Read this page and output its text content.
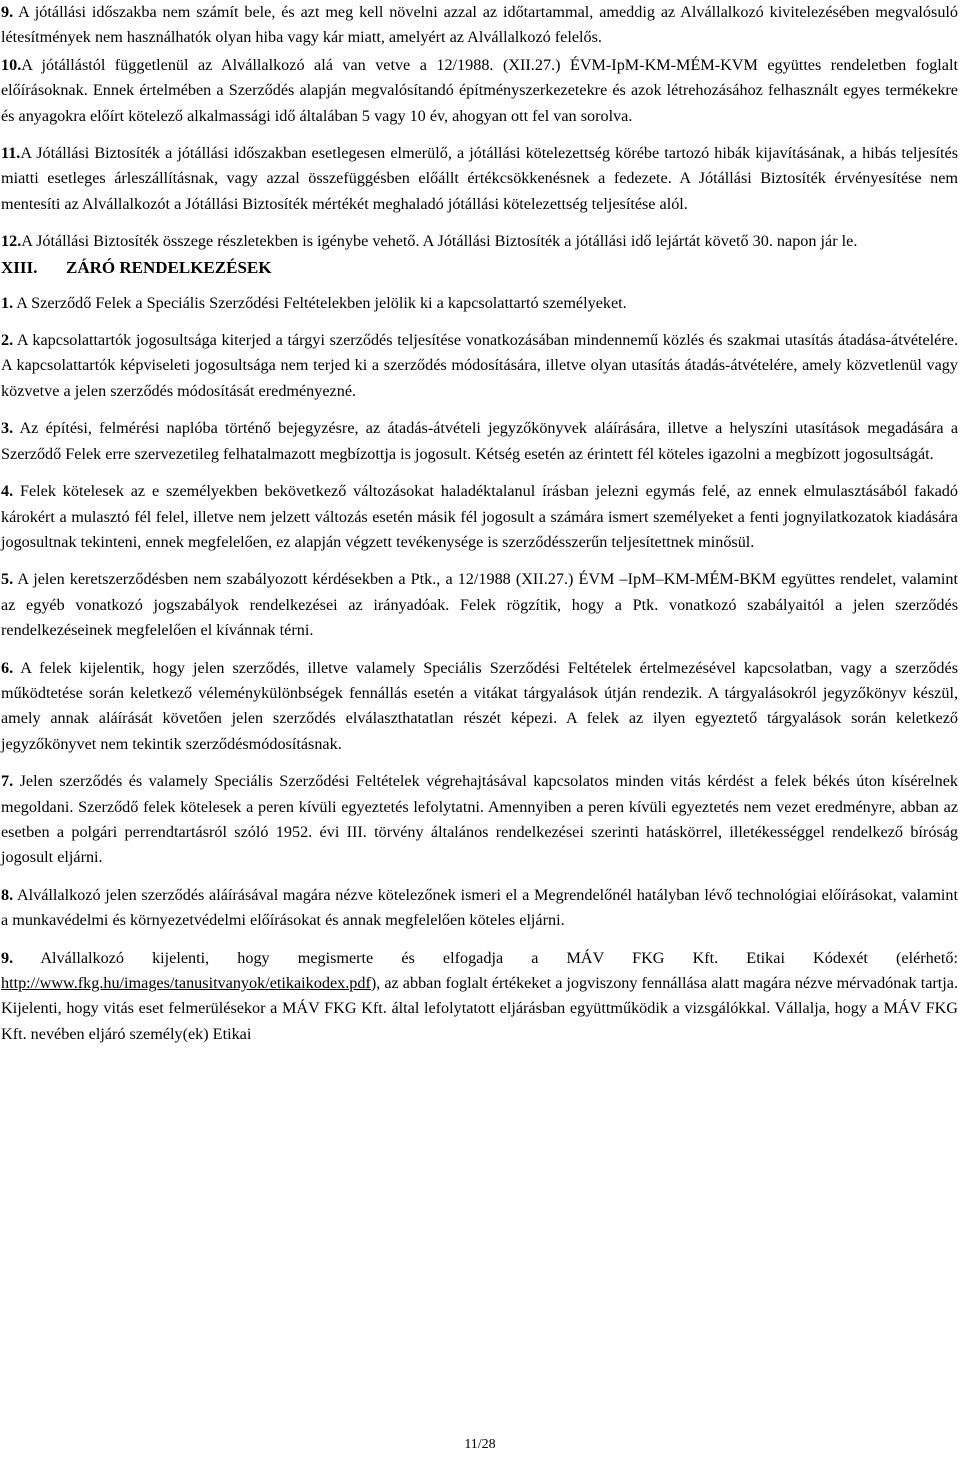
9. A jótállási időszakba nem számít bele, és azt meg kell növelni azzal az időtartammal, ameddig az Alvállalkozó kivitelezésében megvalósuló létesítmények nem használhatók olyan hiba vagy kár miatt, amelyért az Alvállalkozó felelős.

10.A jótállástól függetlenül az Alvállalkozó alá van vetve a 12/1988. (XII.27.) ÉVM-IpM-KM-MÉM-KVM együttes rendeletben foglalt előírásoknak. Ennek értelmében a Szerződés alapján megvalósítandó építményszerkezetekre és azok létrehozásához felhasznált egyes termékekre és anyagokra előírt kötelező alkalmassági idő általában 5 vagy 10 év, ahogyan ott fel van sorolva.

11.A Jótállási Biztosíték a jótállási időszakban esetlegesen elmerülő, a jótállási kötelezettség körébe tartozó hibák kijavításának, a hibás teljesítés miatti esetleges árleszállításnak, vagy azzal összefüggésben előállt értékcsökkenésnek a fedezete. A Jótállási Biztosíték érvényesítése nem mentesíti az Alvállalkozót a Jótállási Biztosíték mértékét meghaladó jótállási kötelezettség teljesítése alól.

12.A Jótállási Biztosíték összege részletekben is igénybe vehető. A Jótállási Biztosíték a jótállási idő lejártát követő 30. napon jár le.

XIII. ZÁRÓ RENDELKEZÉSEK

1. A Szerződő Felek a Speciális Szerződési Feltételekben jelölik ki a kapcsolattartó személyeket.

2. A kapcsolattartók jogosultsága kiterjed a tárgyi szerződés teljesítése vonatkozásában mindennemű közlés és szakmai utasítás átadása-átvételére. A kapcsolattartók képviseleti jogosultsága nem terjed ki a szerződés módosítására, illetve olyan utasítás átadás-átvételére, amely közvetlenül vagy közvetve a jelen szerződés módosítását eredményezné.

3. Az építési, felmérési naplóba történő bejegyzésre, az átadás-átvételi jegyzőkönyvek aláírására, illetve a helyszíni utasítások megadására a Szerződő Felek erre szervezetileg felhatalmazott megbízottja is jogosult. Kétség esetén az érintett fél köteles igazolni a megbízott jogosultságát.

4. Felek kötelesek az e személyekben bekövetkező változásokat haladéktalanul írásban jelezni egymás felé, az ennek elmulasztásából fakadó károkért a mulasztó fél felel, illetve nem jelzett változás esetén másik fél jogosult a számára ismert személyeket a fenti jognyilatkozatok kiadására jogosultnak tekinteni, ennek megfelelően, ez alapján végzett tevékenysége is szerződésszerűn teljesítettnek minősül.

5. A jelen keretszerződésben nem szabályozott kérdésekben a Ptk., a 12/1988 (XII.27.) ÉVM –IpM–KM-MÉM-BKM együttes rendelet, valamint az egyéb vonatkozó jogszabályok rendelkezései az irányadóak. Felek rögzítik, hogy a Ptk. vonatkozó szabályaitól a jelen szerződés rendelkezéseinek megfelelően el kívánnak térni.

6. A felek kijelentik, hogy jelen szerződés, illetve valamely Speciális Szerződési Feltételek értelmezésével kapcsolatban, vagy a szerződés működtetése során keletkező véleménykülönbségek fennállás esetén a vitákat tárgyalások útján rendezik. A tárgyalásokról jegyzőkönyv készül, amely annak aláírását követően jelen szerződés elválaszthatatlan részét képezi. A felek az ilyen egyeztető tárgyalások során keletkező jegyzőkönyvet nem tekintik szerződésmódosításnak.

7. Jelen szerződés és valamely Speciális Szerződési Feltételek végrehajtásával kapcsolatos minden vitás kérdést a felek békés úton kísérelnek megoldani. Szerződő felek kötelesek a peren kívüli egyeztetés lefolytatni. Amennyiben a peren kívüli egyeztetés nem vezet eredményre, abban az esetben a polgári perrendtartásról szóló 1952. évi III. törvény általános rendelkezései szerinti hatáskörrel, illetékességgel rendelkező bíróság jogosult eljárni.

8. Alvállalkozó jelen szerződés aláírásával magára nézve kötelezőnek ismeri el a Megrendelőnél hatályban lévő technológiai előírásokat, valamint a munkavédelmi és környezetvédelmi előírásokat és annak megfelelően köteles eljárni.

9. Alvállalkozó kijelenti, hogy megismerte és elfogadja a MÁV FKG Kft. Etikai Kódexét (elérhető: http://www.fkg.hu/images/tanusitvanyok/etikaikodex.pdf), az abban foglalt értékeket a jogviszony fennállása alatt magára nézve mérvadónak tartja. Kijelenti, hogy vitás eset felmerülésekor a MÁV FKG Kft. által lefolytatott eljárásban együttműködik a vizsgálókkal. Vállalja, hogy a MÁV FKG Kft. nevében eljáró személy(ek) Etikai

11/28
